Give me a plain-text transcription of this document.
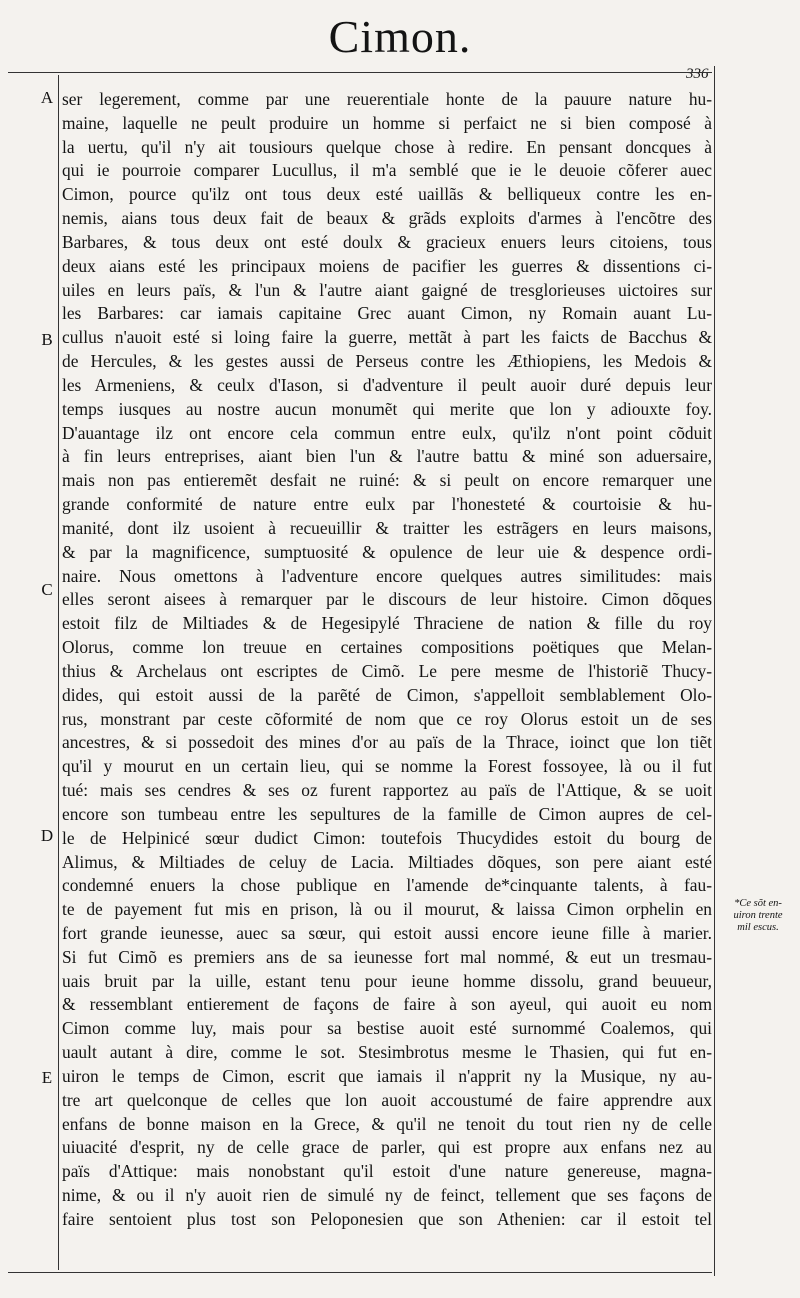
Cimon.
336
A
B
C
D
E
ser legerement, comme par une reuerentiale honte de la pauure nature hu-
maine, laquelle ne peult produire un homme si perfaict ne si bien composé à
la uertu, qu'il n'y ait tousiours quelque chose à redire. En pensant doncques à
qui ie pourroie comparer Lucullus, il m'a semblé que ie le deuoie cõferer auec
Cimon, pource qu'ilz ont tous deux esté uaillãs & belliqueux contre les en-
nemis, aians tous deux fait de beaux & grãds exploits d'armes à l'encõtre des
Barbares, & tous deux ont esté doulx & gracieux enuers leurs citoiens, tous
deux aians esté les principaux moiens de pacifier les guerres & dissentions ci-
uiles en leurs païs, & l'un & l'autre aiant gaigné de tresglorieuses uictoires sur
les Barbares: car iamais capitaine Grec auant Cimon, ny Romain auant Lu-
cullus n'auoit esté si loing faire la guerre, mettãt à part les faicts de Bacchus &
de Hercules, & les gestes aussi de Perseus contre les Æthiopiens, les Medois &
les Armeniens, & ceulx d'Iason, si d'adventure il peult auoir duré depuis leur
temps iusques au nostre aucun monumẽt qui merite que lon y adiouxte foy.
D'auantage ilz ont encore cela commun entre eulx, qu'ilz n'ont point cõduit
à fin leurs entreprises, aiant bien l'un & l'autre battu & miné son aduersaire,
mais non pas entieremẽt desfait ne ruiné: & si peult on encore remarquer une
grande conformité de nature entre eulx par l'honesteté & courtoisie & hu-
manité, dont ilz usoient à recueuillir & traitter les estrãgers en leurs maisons,
& par la magnificence, sumptuosité & opulence de leur uie & despence ordi-
naire. Nous omettons à l'adventure encore quelques autres similitudes: mais
elles seront aisees à remarquer par le discours de leur histoire. Cimon dõques
estoit filz de Miltiades & de Hegesipylé Thraciene de nation & fille du roy
Olorus, comme lon treuue en certaines compositions poëtiques que Melan-
thius & Archelaus ont escriptes de Cimõ. Le pere mesme de l'historiẽ Thucy-
dides, qui estoit aussi de la parẽté de Cimon, s'appelloit semblablement Olo-
rus, monstrant par ceste cõformité de nom que ce roy Olorus estoit un de ses
ancestres, & si possedoit des mines d'or au païs de la Thrace, ioinct que lon tiẽt
qu'il y mourut en un certain lieu, qui se nomme la Forest fossoyee, là ou il fut
tué: mais ses cendres & ses oz furent rapportez au païs de l'Attique, & se uoit
encore son tumbeau entre les sepultures de la famille de Cimon aupres de cel-
le de Helpinicé sœur dudict Cimon: toutefois Thucydides estoit du bourg de
Alimus, & Miltiades de celuy de Lacia. Miltiades dõques, son pere aiant esté
condemné enuers la chose publique en l'amende de*cinquante talents, à fau-
te de payement fut mis en prison, là ou il mourut, & laissa Cimon orphelin en
fort grande ieunesse, auec sa sœur, qui estoit aussi encore ieune fille à marier.
Si fut Cimõ es premiers ans de sa ieunesse fort mal nommé, & eut un tresmau-
uais bruit par la uille, estant tenu pour ieune homme dissolu, grand beuueur,
& ressemblant entierement de façons de faire à son ayeul, qui auoit eu nom
Cimon comme luy, mais pour sa bestise auoit esté surnommé Coalemos, qui
uault autant à dire, comme le sot. Stesimbrotus mesme le Thasien, qui fut en-
uiron le temps de Cimon, escrit que iamais il n'apprit ny la Musique, ny au-
tre art quelconque de celles que lon auoit accoustumé de faire apprendre aux
enfans de bonne maison en la Grece, & qu'il ne tenoit du tout rien ny de celle
uiuacité d'esprit, ny de celle grace de parler, qui est propre aux enfans nez au
païs d'Attique: mais nonobstant qu'il estoit d'une nature genereuse, magna-
nime, & ou il n'y auoit rien de simulé ny de feinct, tellement que ses façons de
faire sentoient plus tost son Peloponesien que son Athenien: car il estoit tel
*Ce sõt en-
uiron trente
mil escus.
